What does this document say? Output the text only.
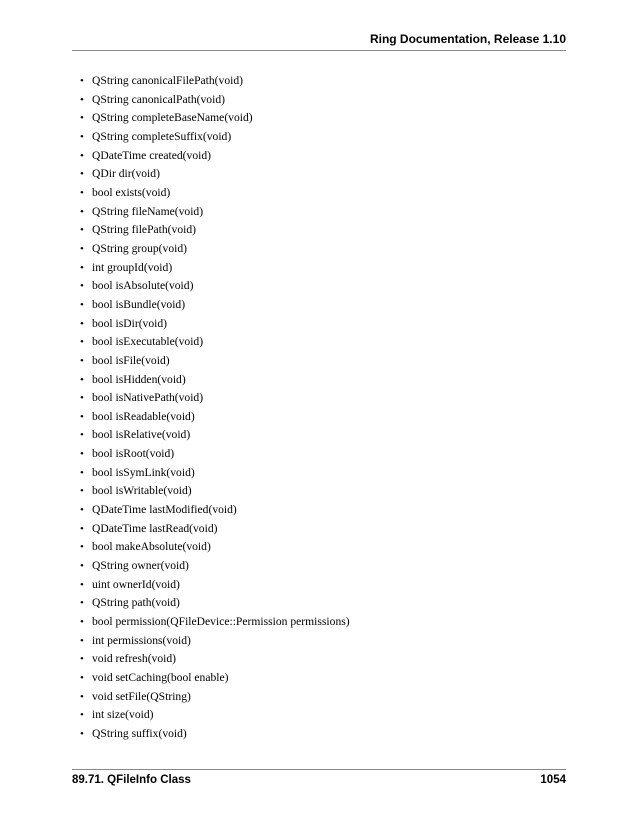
Ring Documentation, Release 1.10
• QString canonicalFilePath(void)
• QString canonicalPath(void)
• QString completeBaseName(void)
• QString completeSuffix(void)
• QDateTime created(void)
• QDir dir(void)
• bool exists(void)
• QString fileName(void)
• QString filePath(void)
• QString group(void)
• int groupId(void)
• bool isAbsolute(void)
• bool isBundle(void)
• bool isDir(void)
• bool isExecutable(void)
• bool isFile(void)
• bool isHidden(void)
• bool isNativePath(void)
• bool isReadable(void)
• bool isRelative(void)
• bool isRoot(void)
• bool isSymLink(void)
• bool isWritable(void)
• QDateTime lastModified(void)
• QDateTime lastRead(void)
• bool makeAbsolute(void)
• QString owner(void)
• uint ownerId(void)
• QString path(void)
• bool permission(QFileDevice::Permission permissions)
• int permissions(void)
• void refresh(void)
• void setCaching(bool enable)
• void setFile(QString)
• int size(void)
• QString suffix(void)
89.71. QFileInfo Class	1054
